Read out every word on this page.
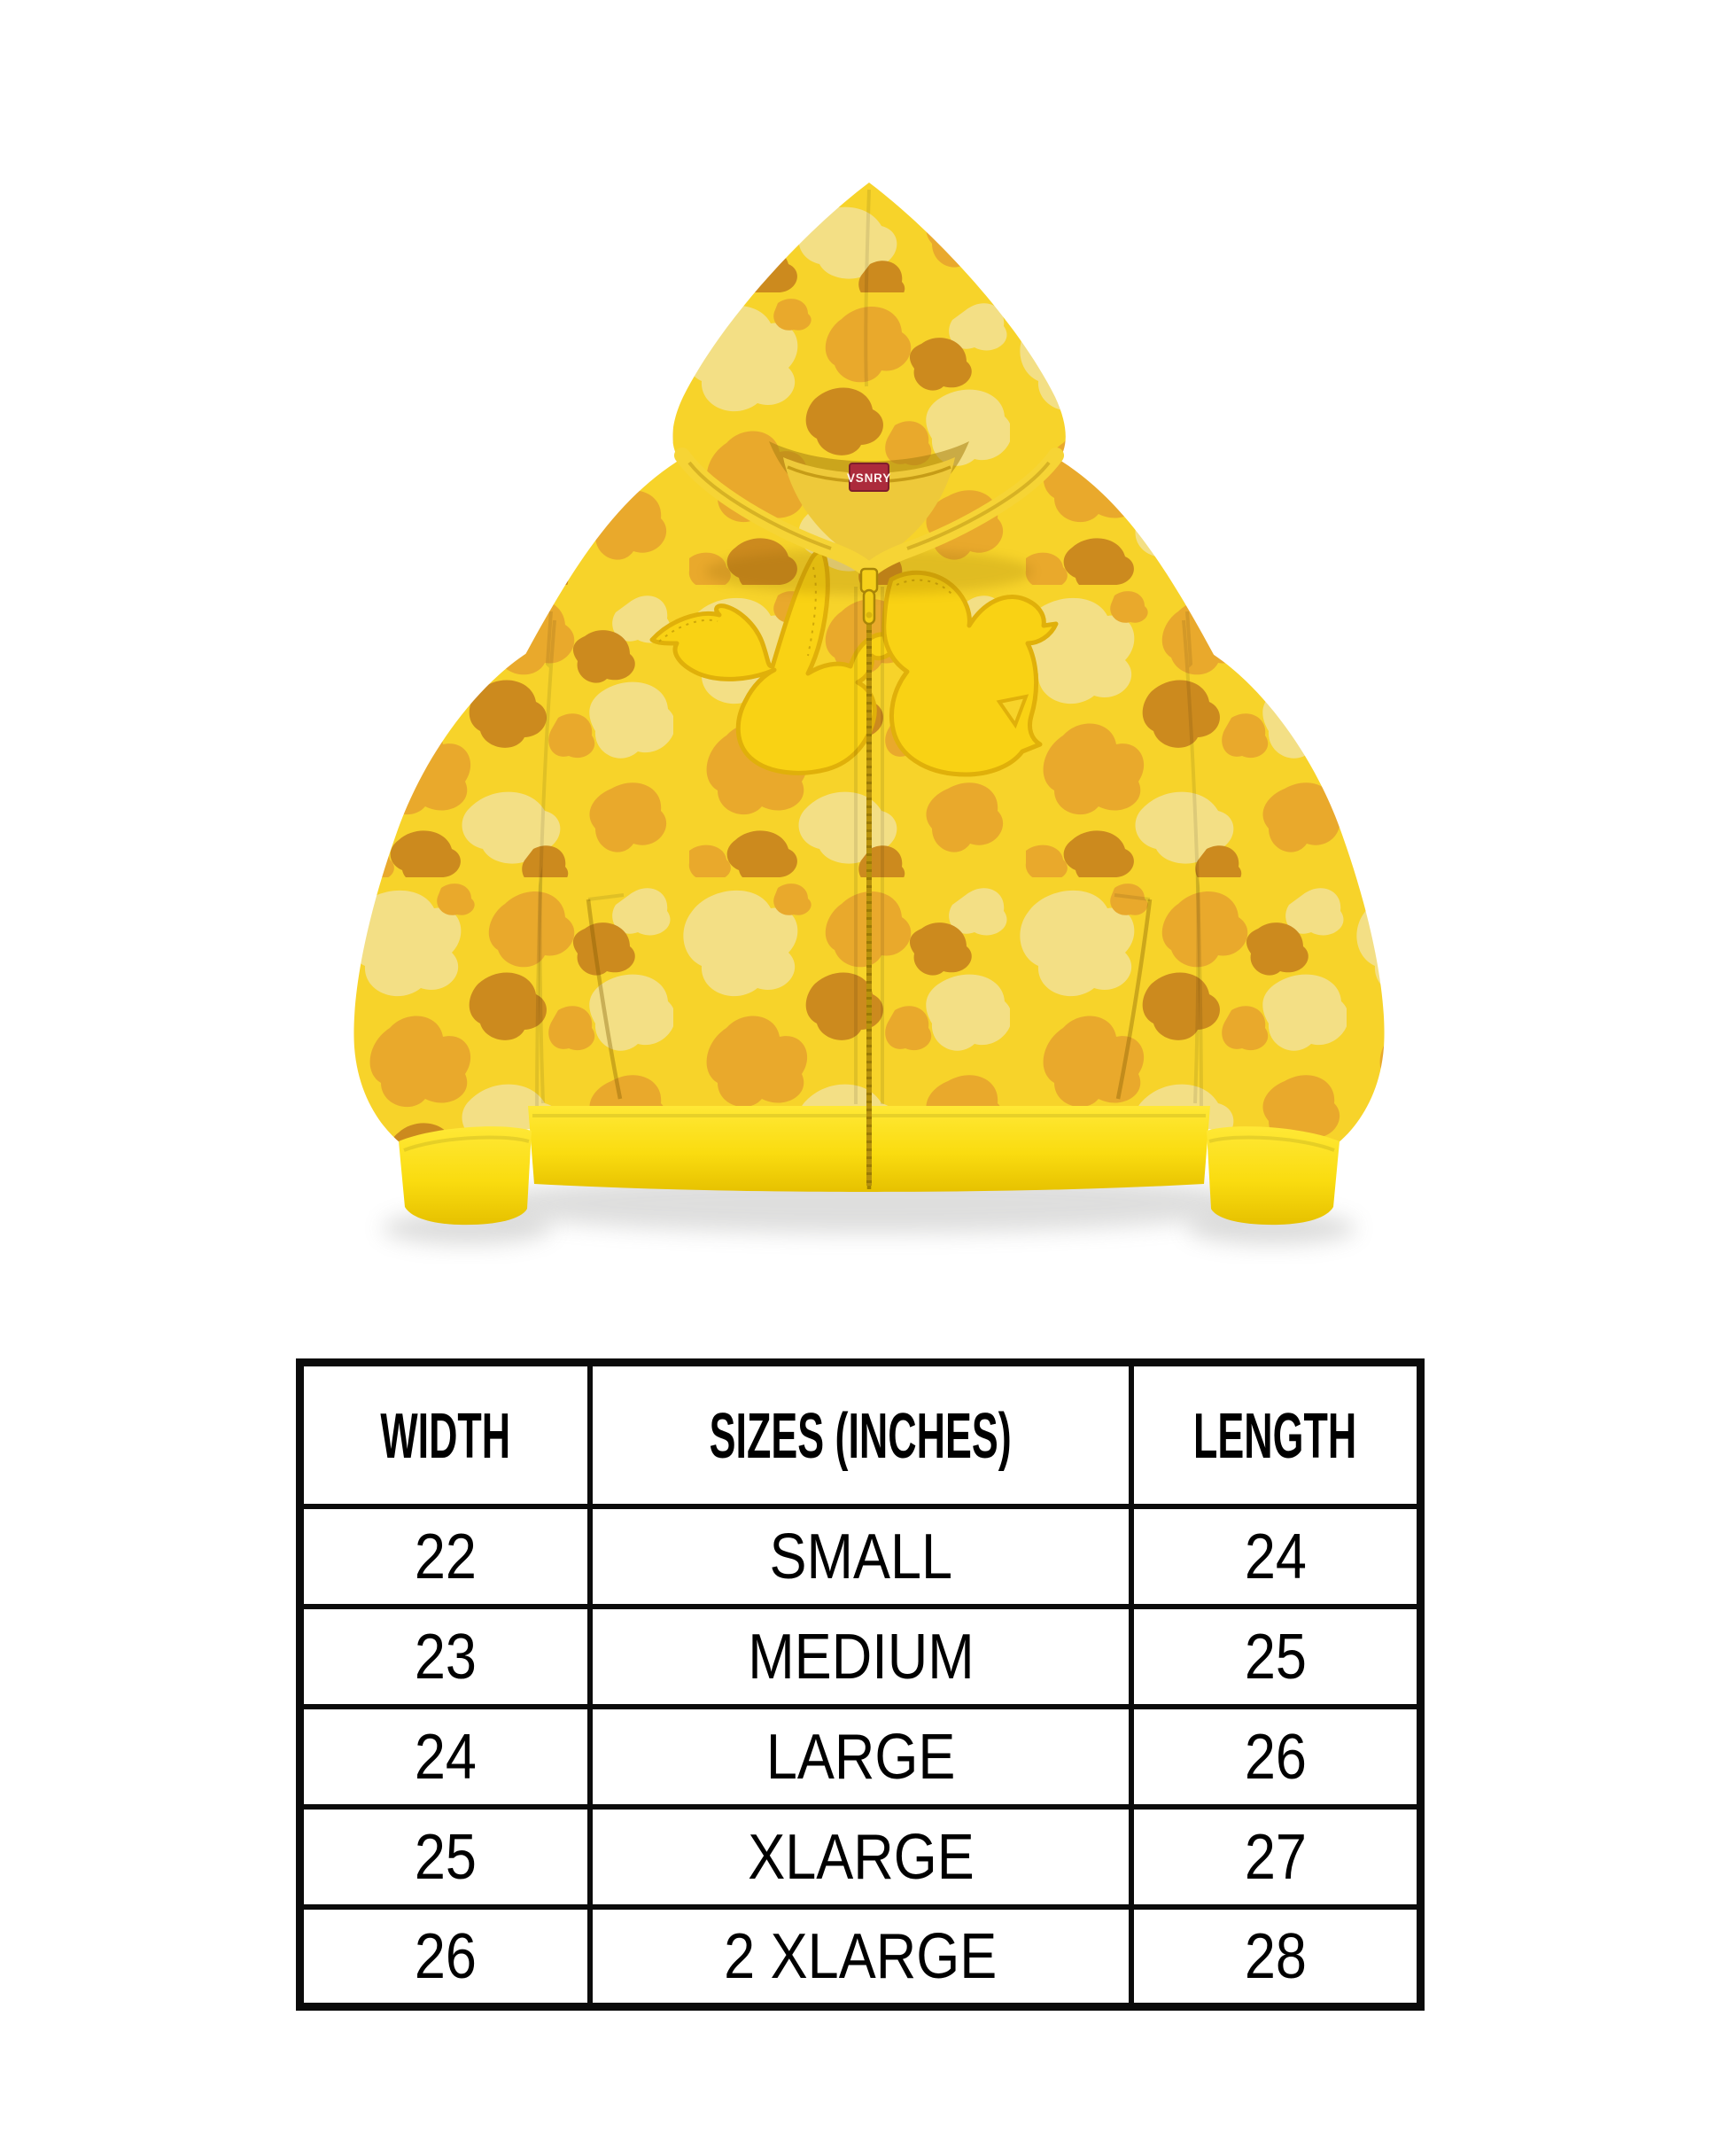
VSNRY
WIDTH	SIZES (INCHES)	LENGTH
22	SMALL	24
23	MEDIUM	25
24	LARGE	26
25	XLARGE	27
26	2 XLARGE	28
